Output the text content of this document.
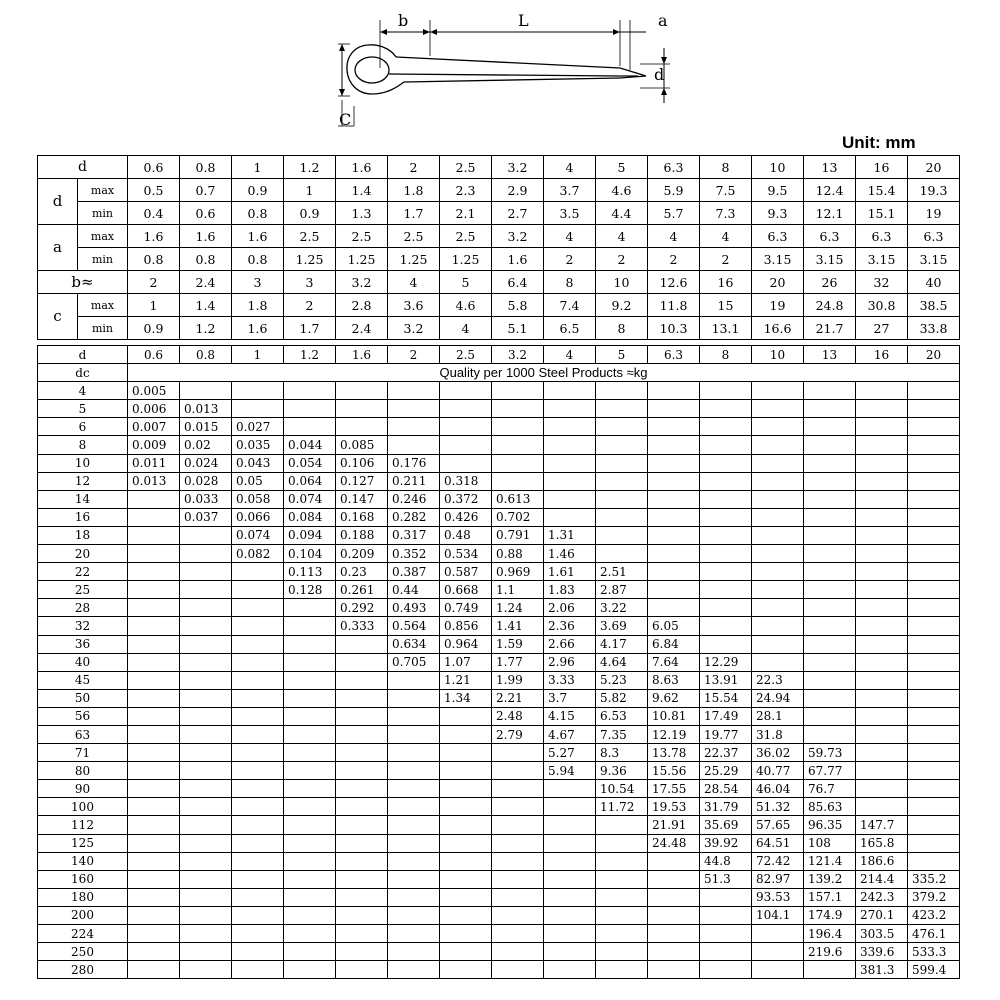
b	L	a
d
C
Unit: mm
d		0.6	0.8	1	1.2	1.6	2	2.5	3.2	4	5	6.3	8	10	13	16	20
d	max	0.5	0.7	0.9	1	1.4	1.8	2.3	2.9	3.7	4.6	5.9	7.5	9.5	12.4	15.4	19.3
	min	0.4	0.6	0.8	0.9	1.3	1.7	2.1	2.7	3.5	4.4	5.7	7.3	9.3	12.1	15.1	19
a	max	1.6	1.6	1.6	2.5	2.5	2.5	2.5	3.2	4	4	4	4	6.3	6.3	6.3	6.3
	min	0.8	0.8	0.8	1.25	1.25	1.25	1.25	1.6	2	2	2	2	3.15	3.15	3.15	3.15
b≈		2	2.4	3	3	3.2	4	5	6.4	8	10	12.6	16	20	26	32	40
c	max	1	1.4	1.8	2	2.8	3.6	4.6	5.8	7.4	9.2	11.8	15	19	24.8	30.8	38.5
	min	0.9	1.2	1.6	1.7	2.4	3.2	4	5.1	6.5	8	10.3	13.1	16.6	21.7	27	33.8
d	0.6	0.8	1	1.2	1.6	2	2.5	3.2	4	5	6.3	8	10	13	16	20
dc	Quality per 1000 Steel Products ≈kg															
4	0.005															
5	0.006	0.013														
6	0.007	0.015	0.027													
8	0.009	0.02	0.035	0.044	0.085											
10	0.011	0.024	0.043	0.054	0.106	0.176										
12	0.013	0.028	0.05	0.064	0.127	0.211	0.318									
14		0.033	0.058	0.074	0.147	0.246	0.372	0.613								
16		0.037	0.066	0.084	0.168	0.282	0.426	0.702								
18			0.074	0.094	0.188	0.317	0.48	0.791	1.31							
20			0.082	0.104	0.209	0.352	0.534	0.88	1.46							
22				0.113	0.23	0.387	0.587	0.969	1.61	2.51						
25				0.128	0.261	0.44	0.668	1.1	1.83	2.87						
28					0.292	0.493	0.749	1.24	2.06	3.22						
32					0.333	0.564	0.856	1.41	2.36	3.69	6.05					
36						0.634	0.964	1.59	2.66	4.17	6.84					
40						0.705	1.07	1.77	2.96	4.64	7.64	12.29				
45							1.21	1.99	3.33	5.23	8.63	13.91	22.3			
50							1.34	2.21	3.7	5.82	9.62	15.54	24.94			
56								2.48	4.15	6.53	10.81	17.49	28.1			
63								2.79	4.67	7.35	12.19	19.77	31.8			
71									5.27	8.3	13.78	22.37	36.02	59.73		
80									5.94	9.36	15.56	25.29	40.77	67.77		
90										10.54	17.55	28.54	46.04	76.7		
100										11.72	19.53	31.79	51.32	85.63		
112											21.91	35.69	57.65	96.35	147.7	
125											24.48	39.92	64.51	108	165.8	
140												44.8	72.42	121.4	186.6	
160												51.3	82.97	139.2	214.4	335.2
180													93.53	157.1	242.3	379.2
200													104.1	174.9	270.1	423.2
224														196.4	303.5	476.1
250														219.6	339.6	533.3
280															381.3	599.4
